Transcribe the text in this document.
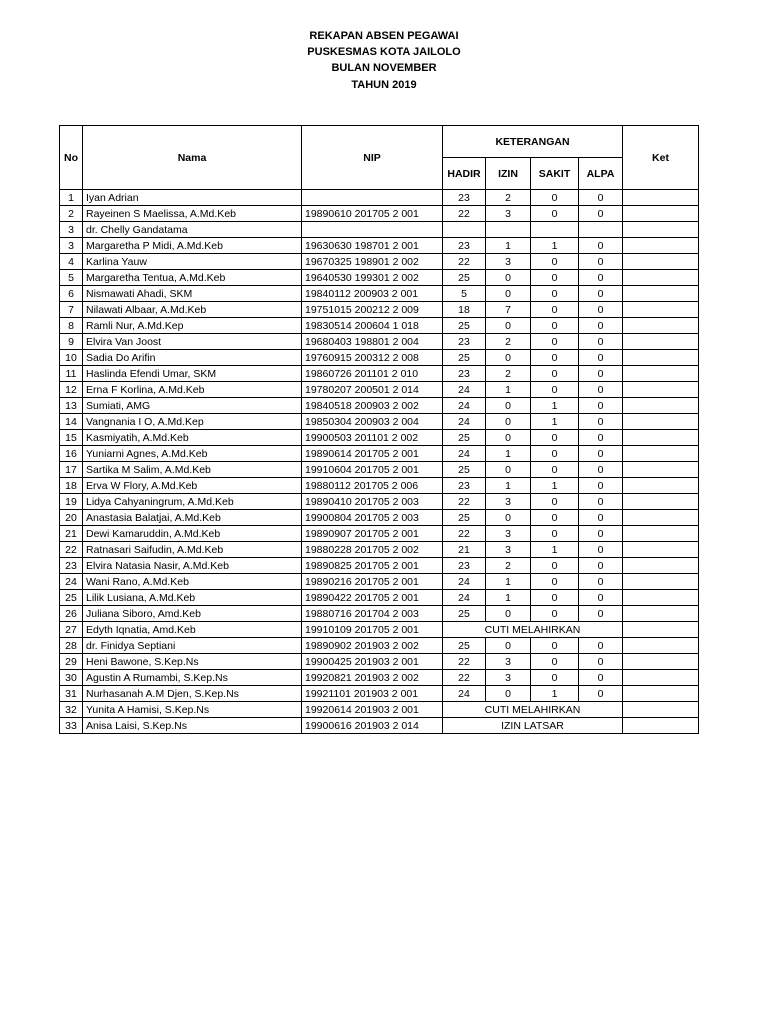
REKAPAN ABSEN PEGAWAI
PUSKESMAS KOTA JAILOLO
BULAN NOVEMBER
TAHUN 2019
No	Nama	NIP	KETERANGAN				Ket
			HADIR	IZIN	SAKIT	ALPA	
1	Iyan Adrian		23	2	0	0	
2	Rayeinen S Maelissa, A.Md.Keb	19890610 201705 2 001	22	3	0	0	
3	dr. Chelly Gandatama						
3	Margaretha P Midi, A.Md.Keb	19630630 198701 2 001	23	1	1	0	
4	Karlina Yauw	19670325 198901 2 002	22	3	0	0	
5	Margaretha Tentua, A.Md.Keb	19640530 199301 2 002	25	0	0	0	
6	Nismawati Ahadi, SKM	19840112 200903 2 001	5	0	0	0	
7	Nilawati Albaar, A.Md.Keb	19751015 200212 2 009	18	7	0	0	
8	Ramli Nur, A.Md.Kep	19830514 200604 1 018	25	0	0	0	
9	Elvira Van Joost	19680403 198801 2 004	23	2	0	0	
10	Sadia Do Arifin	19760915 200312 2 008	25	0	0	0	
11	Haslinda Efendi Umar, SKM	19860726 201101 2 010	23	2	0	0	
12	Erna F Korlina, A.Md.Keb	19780207 200501 2 014	24	1	0	0	
13	Sumiati, AMG	19840518 200903 2 002	24	0	1	0	
14	Vangnania I O, A.Md.Kep	19850304 200903 2 004	24	0	1	0	
15	Kasmiyatih, A.Md.Keb	19900503 201101 2 002	25	0	0	0	
16	Yuniarni Agnes, A.Md.Keb	19890614 201705 2 001	24	1	0	0	
17	Sartika M Salim, A.Md.Keb	19910604 201705 2 001	25	0	0	0	
18	Erva W Flory, A.Md.Keb	19880112 201705 2 006	23	1	1	0	
19	Lidya Cahyaningrum, A.Md.Keb	19890410 201705 2 003	22	3	0	0	
20	Anastasia Balatjai, A.Md.Keb	19900804 201705 2 003	25	0	0	0	
21	Dewi Kamaruddin, A.Md.Keb	19890907 201705 2 001	22	3	0	0	
22	Ratnasari Saifudin, A.Md.Keb	19880228 201705 2 002	21	3	1	0	
23	Elvira Natasia Nasir, A.Md.Keb	19890825 201705 2 001	23	2	0	0	
24	Wani Rano, A.Md.Keb	19890216 201705 2 001	24	1	0	0	
25	Lilik Lusiana, A.Md.Keb	19890422 201705 2 001	24	1	0	0	
26	Juliana Siboro, Amd.Keb	19880716 201704 2 003	25	0	0	0	
27	Edyth Iqnatia, Amd.Keb	19910109 201705 2 001	CUTI MELAHIRKAN				
28	dr. Finidya Septiani	19890902 201903 2 002	25	0	0	0	
29	Heni Bawone, S.Kep.Ns	19900425 201903 2 001	22	3	0	0	
30	Agustin A Rumambi, S.Kep.Ns	19920821 201903 2 002	22	3	0	0	
31	Nurhasanah A.M Djen, S.Kep.Ns	19921101 201903 2 001	24	0	1	0	
32	Yunita A Hamisi, S.Kep.Ns	19920614 201903 2 001	CUTI MELAHIRKAN				
33	Anisa Laisi, S.Kep.Ns	19900616 201903 2 014	IZIN LATSAR				
